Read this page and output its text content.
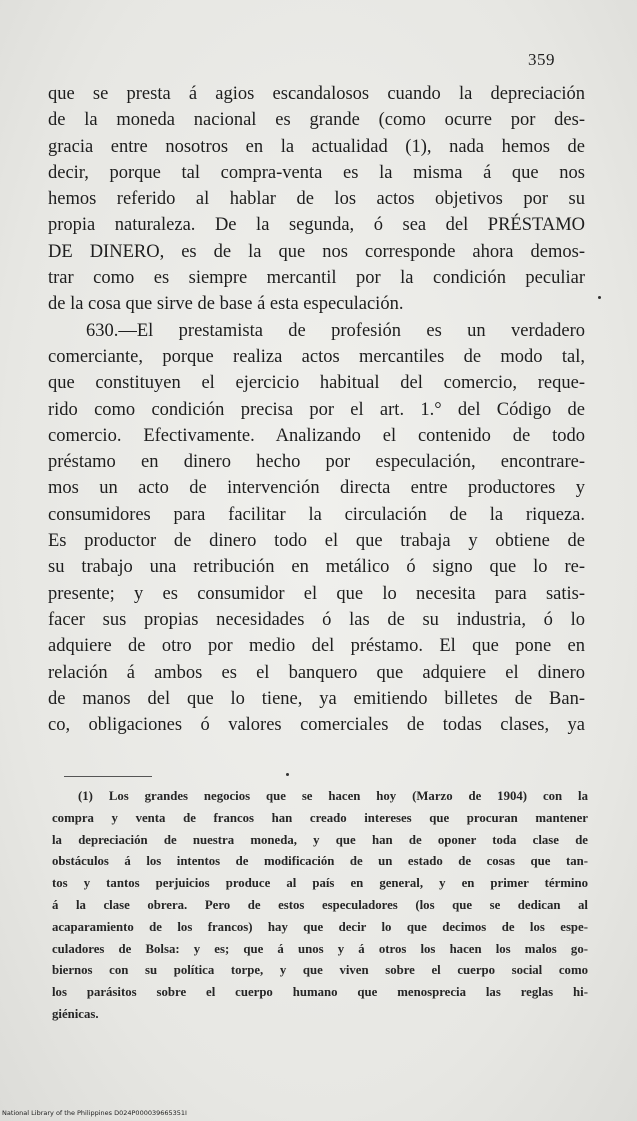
359
que se presta á agios escandalosos cuando la depreciación
de la moneda nacional es grande (como ocurre por des-
gracia entre nosotros en la actualidad (1), nada hemos de
decir, porque tal compra-venta es la misma á que nos
hemos referido al hablar de los actos objetivos por su
propia naturaleza. De la segunda, ó sea del PRÉSTAMO
DE DINERO, es de la que nos corresponde ahora demos-
trar como es siempre mercantil por la condición peculiar
de la cosa que sirve de base á esta especulación.
630.—El prestamista de profesión es un verdadero
comerciante, porque realiza actos mercantiles de modo tal,
que constituyen el ejercicio habitual del comercio, reque-
rido como condición precisa por el art. 1.° del Código de
comercio. Efectivamente. Analizando el contenido de todo
préstamo en dinero hecho por especulación, encontrare-
mos un acto de intervención directa entre productores y
consumidores para facilitar la circulación de la riqueza.
Es productor de dinero todo el que trabaja y obtiene de
su trabajo una retribución en metálico ó signo que lo re-
presente; y es consumidor el que lo necesita para satis-
facer sus propias necesidades ó las de su industria, ó lo
adquiere de otro por medio del préstamo. El que pone en
relación á ambos es el banquero que adquiere el dinero
de manos del que lo tiene, ya emitiendo billetes de Ban-
co, obligaciones ó valores comerciales de todas clases, ya
(1) Los grandes negocios que se hacen hoy (Marzo de 1904) con la
compra y venta de francos han creado intereses que procuran mantener
la depreciación de nuestra moneda, y que han de oponer toda clase de
obstáculos á los intentos de modificación de un estado de cosas que tan-
tos y tantos perjuicios produce al país en general, y en primer término
á la clase obrera. Pero de estos especuladores (los que se dedican al
acaparamiento de los francos) hay que decir lo que decimos de los espe-
culadores de Bolsa: y es; que á unos y á otros los hacen los malos go-
biernos con su política torpe, y que viven sobre el cuerpo social como
los parásitos sobre el cuerpo humano que menosprecia las reglas hi-
giénicas.
National Library of the Philippines D024P000039665351I
